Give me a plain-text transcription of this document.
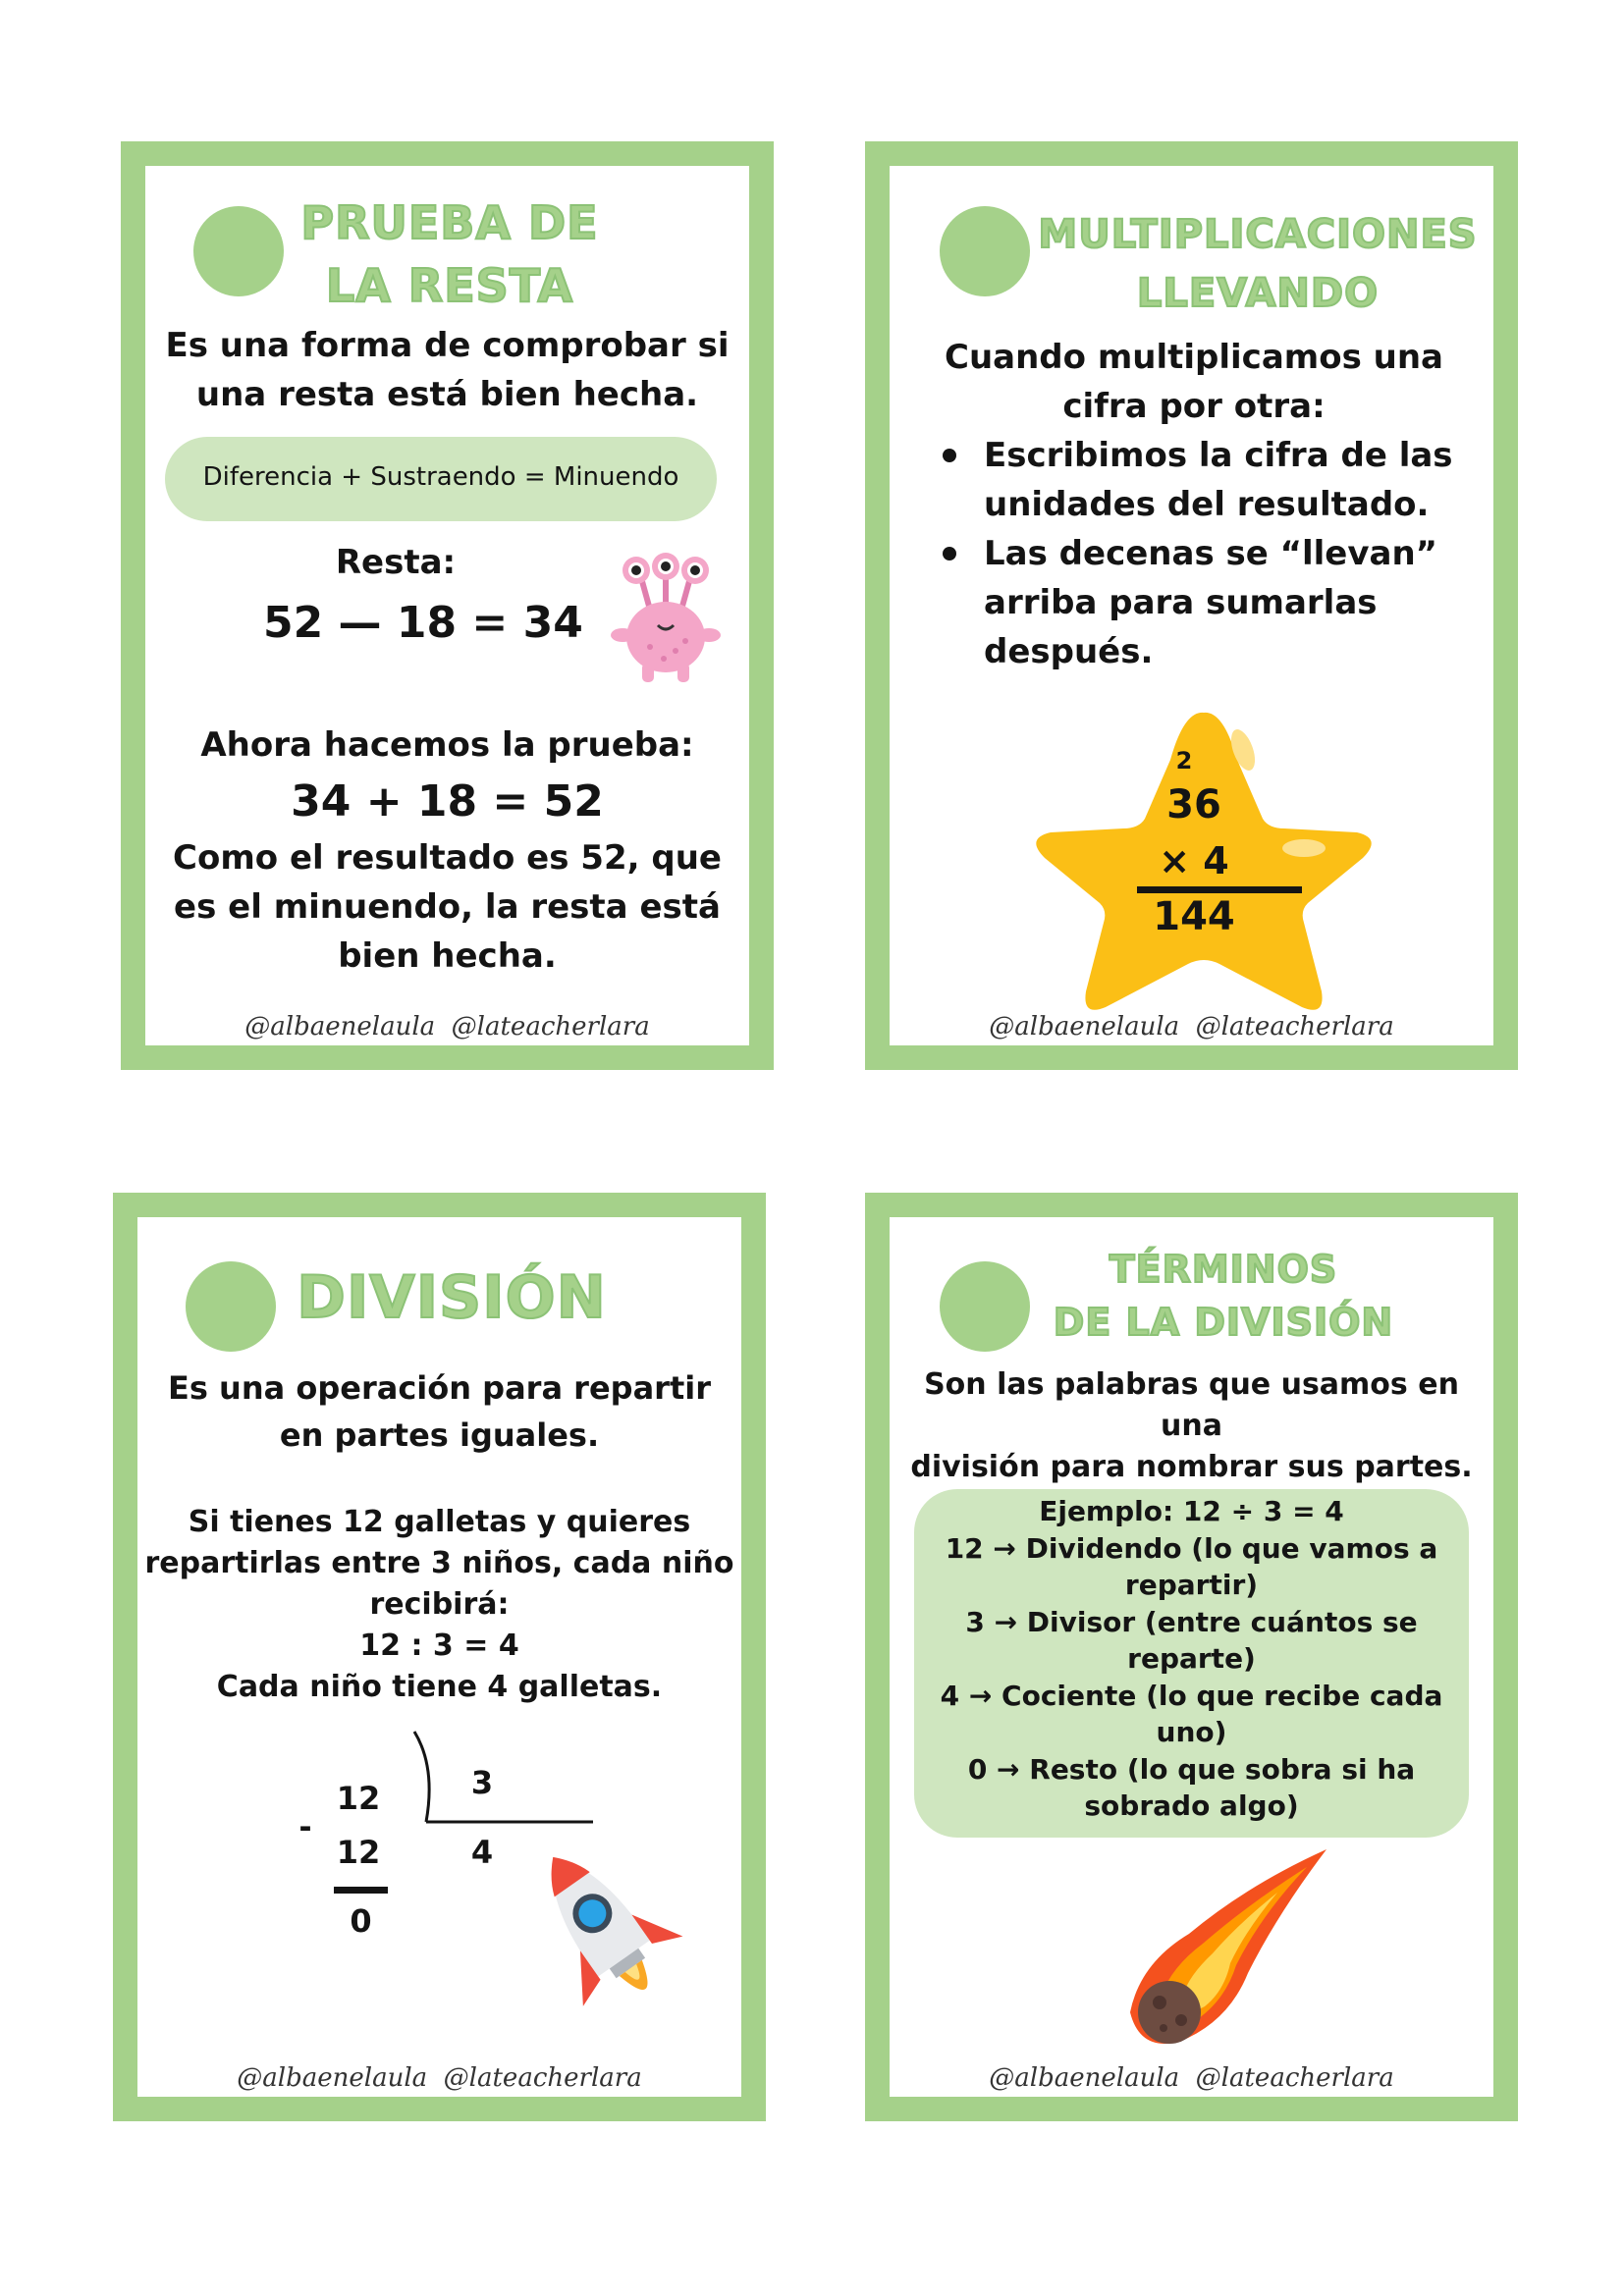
PRUEBA DE
LA RESTA
Es una forma de comprobar si
una resta está bien hecha.
Diferencia + Sustraendo = Minuendo
Resta:
52 — 18 = 34
Ahora hacemos la prueba:
34 + 18 = 52
Como el resultado es 52, que
es el minuendo, la resta está
bien hecha.
@albaenelaula  @lateacherlara
MULTIPLICACIONES
LLEVANDO
Cuando multiplicamos una
cifra por otra:
Escribimos la cifra de las
unidades del resultado.
Las decenas se “llevan”
arriba para sumarlas
después.
2
36
× 4
144
@albaenelaula  @lateacherlara
DIVISIÓN
Es una operación para repartir
en partes iguales.
Si tienes 12 galletas y quieres
repartirlas entre 3 niños, cada niño
recibirá:
12 : 3 = 4
Cada niño tiene 4 galletas.
12
-
12
0
3
4
@albaenelaula  @lateacherlara
TÉRMINOS
DE LA DIVISIÓN
Son las palabras que usamos en una
división para nombrar sus partes.
Ejemplo: 12 ÷ 3 = 4
12 → Dividendo (lo que vamos a
repartir)
3 → Divisor (entre cuántos se
reparte)
4 → Cociente (lo que recibe cada
uno)
0 → Resto (lo que sobra si ha
sobrado algo)
@albaenelaula  @lateacherlara
